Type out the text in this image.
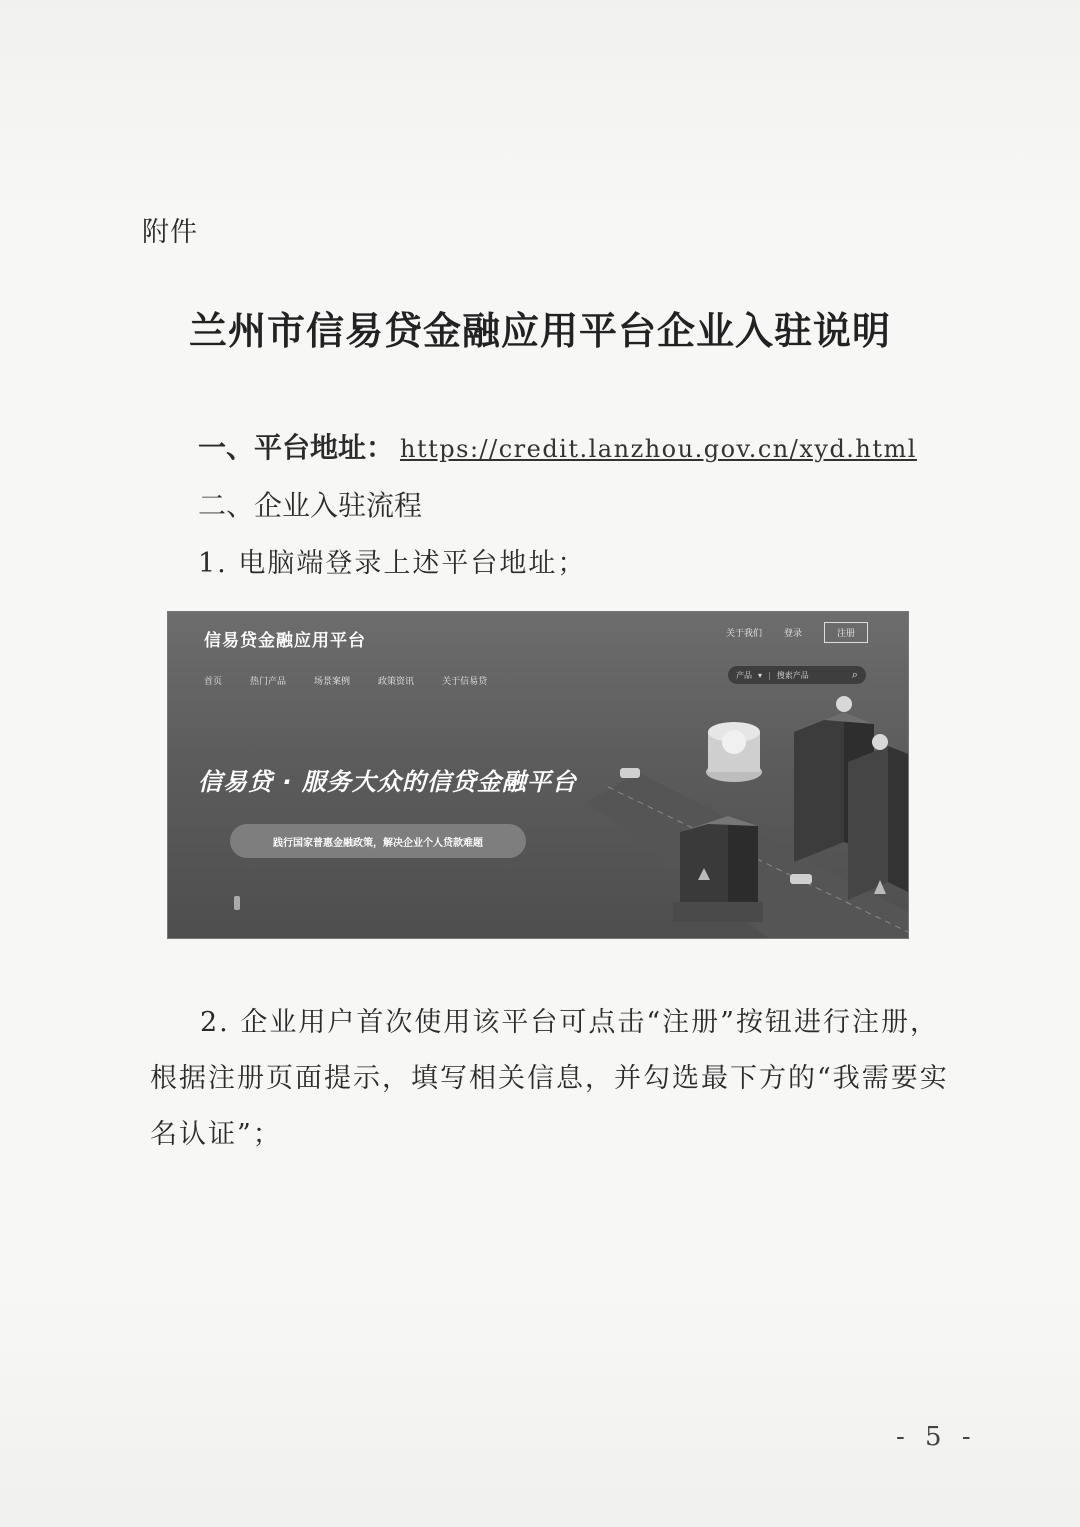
附件
兰州市信易贷金融应用平台企业入驻说明
一、平台地址： https://credit.lanzhou.gov.cn/xyd.html
二、企业入驻流程
1. 电脑端登录上述平台地址；
信易贷金融应用平台	关于我们 登录	注册
首页	热门产品	场景案例	政策资讯	关于信易贷
产品 ▾ | 搜索产品	⌕
信易贷 · 服务大众的信贷金融平台
践行国家普惠金融政策，解决企业个人贷款难题
2. 企业用户首次使用该平台可点击“注册”按钮进行注册，根据注册页面提示，填写相关信息，并勾选最下方的“我需要实名认证”；
- 5 -
